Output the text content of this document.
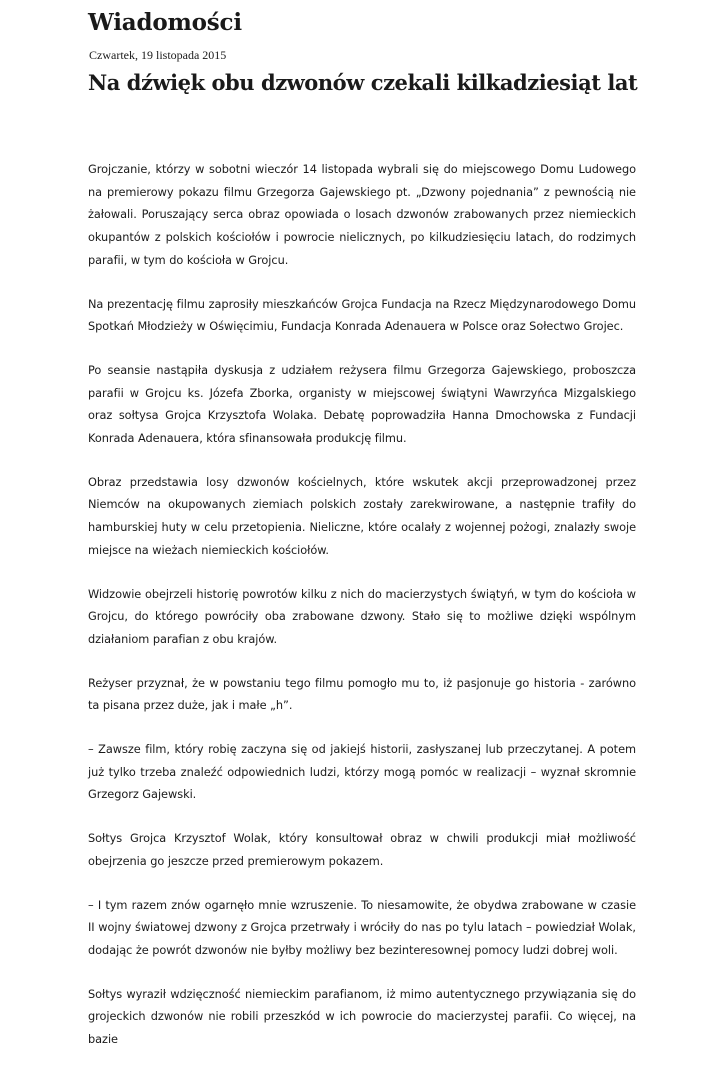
Wiadomości
Czwartek, 19 listopada 2015
Na dźwięk obu dzwonów czekali kilkadziesiąt lat

Grojczanie, którzy w sobotni wieczór 14 listopada wybrali się do miejscowego Domu Ludowego na premierowy pokazu filmu Grzegorza Gajewskiego pt. „Dzwony pojednania” z pewnością nie żałowali. Poruszający serca obraz opowiada o losach dzwonów zrabowanych przez niemieckich okupantów z polskich kościołów i powrocie nielicznych, po kilkudziesięciu latach, do rodzimych parafii, w tym do kościoła w Grojcu.

Na prezentację filmu zaprosiły mieszkańców Grojca Fundacja na Rzecz Międzynarodowego Domu Spotkań Młodzieży w Oświęcimiu, Fundacja Konrada Adenauera w Polsce oraz Sołectwo Grojec.

Po seansie nastąpiła dyskusja z udziałem reżysera filmu Grzegorza Gajewskiego, proboszcza parafii w Grojcu ks. Józefa Zborka, organisty w miejscowej świątyni Wawrzyńca Mizgalskiego oraz sołtysa Grojca Krzysztofa Wolaka. Debatę poprowadziła Hanna Dmochowska z Fundacji Konrada Adenauera, która sfinansowała produkcję filmu.

Obraz przedstawia losy dzwonów kościelnych, które wskutek akcji przeprowadzonej przez Niemców na okupowanych ziemiach polskich zostały zarekwirowane, a następnie trafiły do hamburskiej huty w celu przetopienia. Nieliczne, które ocalały z wojennej pożogi, znalazły swoje miejsce na wieżach niemieckich kościołów.

Widzowie obejrzeli historię powrotów kilku z nich do macierzystych świątyń, w tym do kościoła w Grojcu, do którego powróciły oba zrabowane dzwony. Stało się to możliwe dzięki wspólnym działaniom parafian z obu krajów.

Reżyser przyznał, że w powstaniu tego filmu pomogło mu to, iż pasjonuje go historia - zarówno ta pisana przez duże, jak i małe „h”.

– Zawsze film, który robię zaczyna się od jakiejś historii, zasłyszanej lub przeczytanej. A potem już tylko trzeba znaleźć odpowiednich ludzi, którzy mogą pomóc w realizacji – wyznał skromnie Grzegorz Gajewski.

Sołtys Grojca Krzysztof Wolak, który konsultował obraz w chwili produkcji miał możliwość obejrzenia go jeszcze przed premierowym pokazem.

– I tym razem znów ogarnęło mnie wzruszenie. To niesamowite, że obydwa zrabowane w czasie II wojny światowej dzwony z Grojca przetrwały i wróciły do nas po tylu latach – powiedział Wolak, dodając że powrót dzwonów nie byłby możliwy bez bezinteresownej pomocy ludzi dobrej woli.

Sołtys wyraził wdzięczność niemieckim parafianom, iż mimo autentycznego przywiązania się do grojeckich dzwonów nie robili przeszkód w ich powrocie do macierzystej parafii. Co więcej, na bazie
